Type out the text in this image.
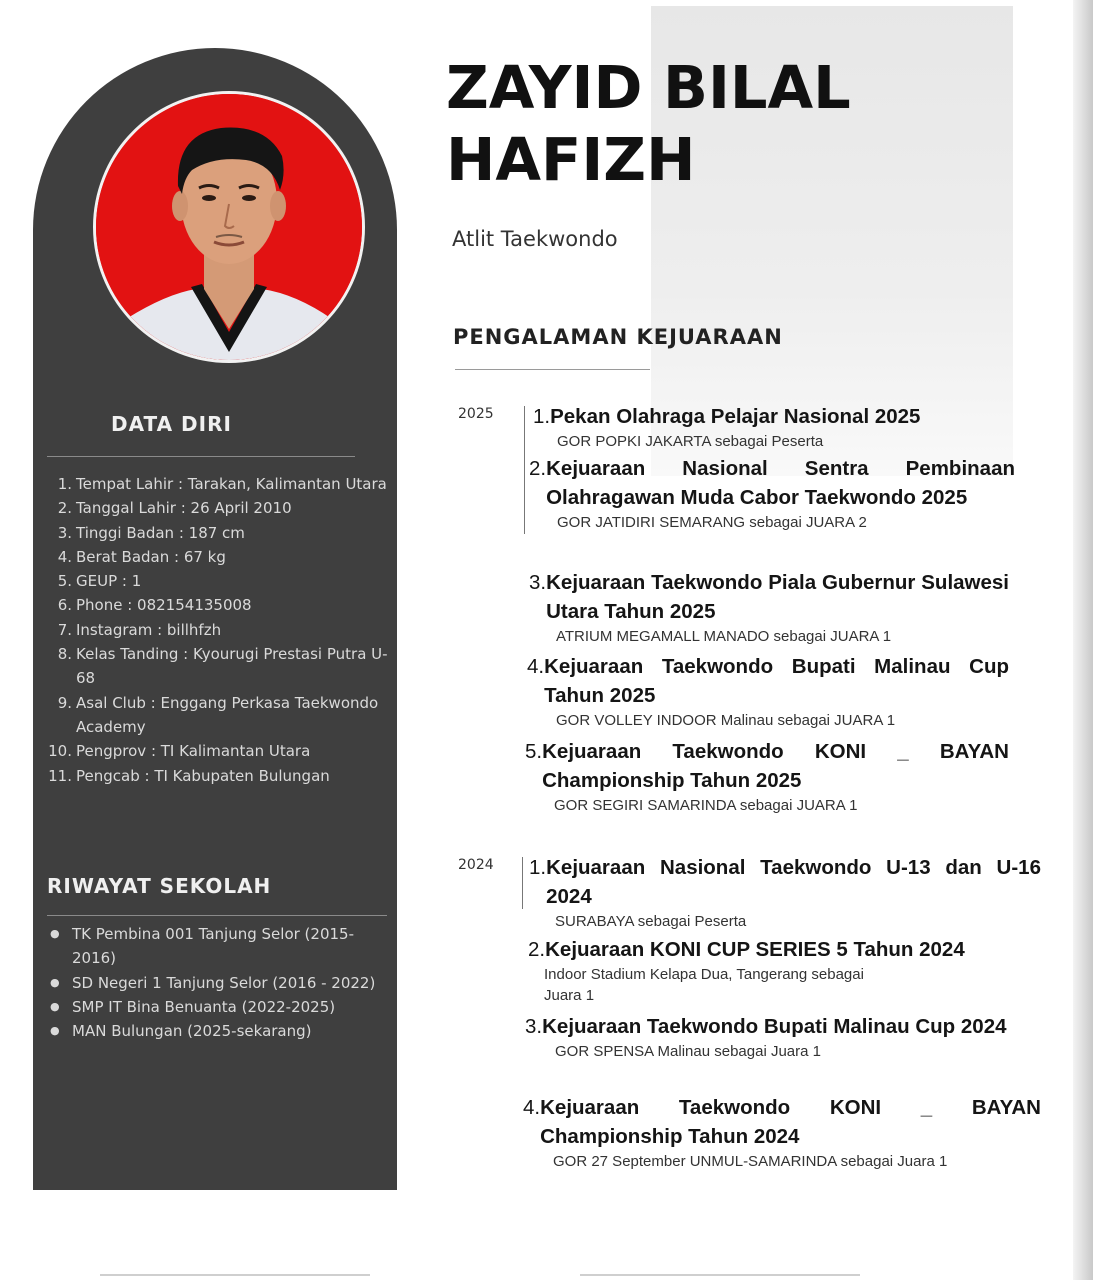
DATA DIRI
1. Tempat Lahir : Tarakan, Kalimantan Utara
2. Tanggal Lahir : 26 April 2010
3. Tinggi Badan : 187 cm
4. Berat Badan : 67 kg
5. GEUP : 1
6. Phone : 082154135008
7. Instagram : billhfzh
8. Kelas Tanding : Kyourugi Prestasi Putra U-68
9. Asal Club : Enggang Perkasa Taekwondo Academy
10. Pengprov : TI Kalimantan Utara
11. Pengcab : TI Kabupaten Bulungan
RIWAYAT SEKOLAH
● TK Pembina 001 Tanjung Selor (2015-2016)
● SD Negeri 1 Tanjung Selor (2016 - 2022)
● SMP IT Bina Benuanta (2022-2025)
● MAN Bulungan (2025-sekarang)
ZAYID BILAL
HAFIZH
Atlit Taekwondo
PENGALAMAN KEJUARAAN
2025 1. Pekan Olahraga Pelajar Nasional 2025
GOR POPKI JAKARTA sebagai Peserta
2. Kejuaraan Nasional Sentra Pembinaan Olahragawan Muda Cabor Taekwondo 2025
GOR JATIDIRI SEMARANG sebagai JUARA 2
3. Kejuaraan Taekwondo Piala Gubernur Sulawesi Utara Tahun 2025
ATRIUM MEGAMALL MANADO sebagai JUARA 1
4. Kejuaraan Taekwondo Bupati Malinau Cup Tahun 2025
GOR VOLLEY INDOOR Malinau sebagai JUARA 1
5. Kejuaraan Taekwondo KONI _ BAYAN Championship Tahun 2025
GOR SEGIRI SAMARINDA sebagai JUARA 1
2024 1. Kejuaraan Nasional Taekwondo U-13 dan U-16 2024
SURABAYA sebagai Peserta
2. Kejuaraan KONI CUP SERIES 5 Tahun 2024
Indoor Stadium Kelapa Dua, Tangerang sebagai Juara 1
3. Kejuaraan Taekwondo Bupati Malinau Cup 2024
GOR SPENSA Malinau sebagai Juara 1
4. Kejuaraan Taekwondo KONI _ BAYAN Championship Tahun 2024
GOR 27 September UNMUL-SAMARINDA sebagai Juara 1
